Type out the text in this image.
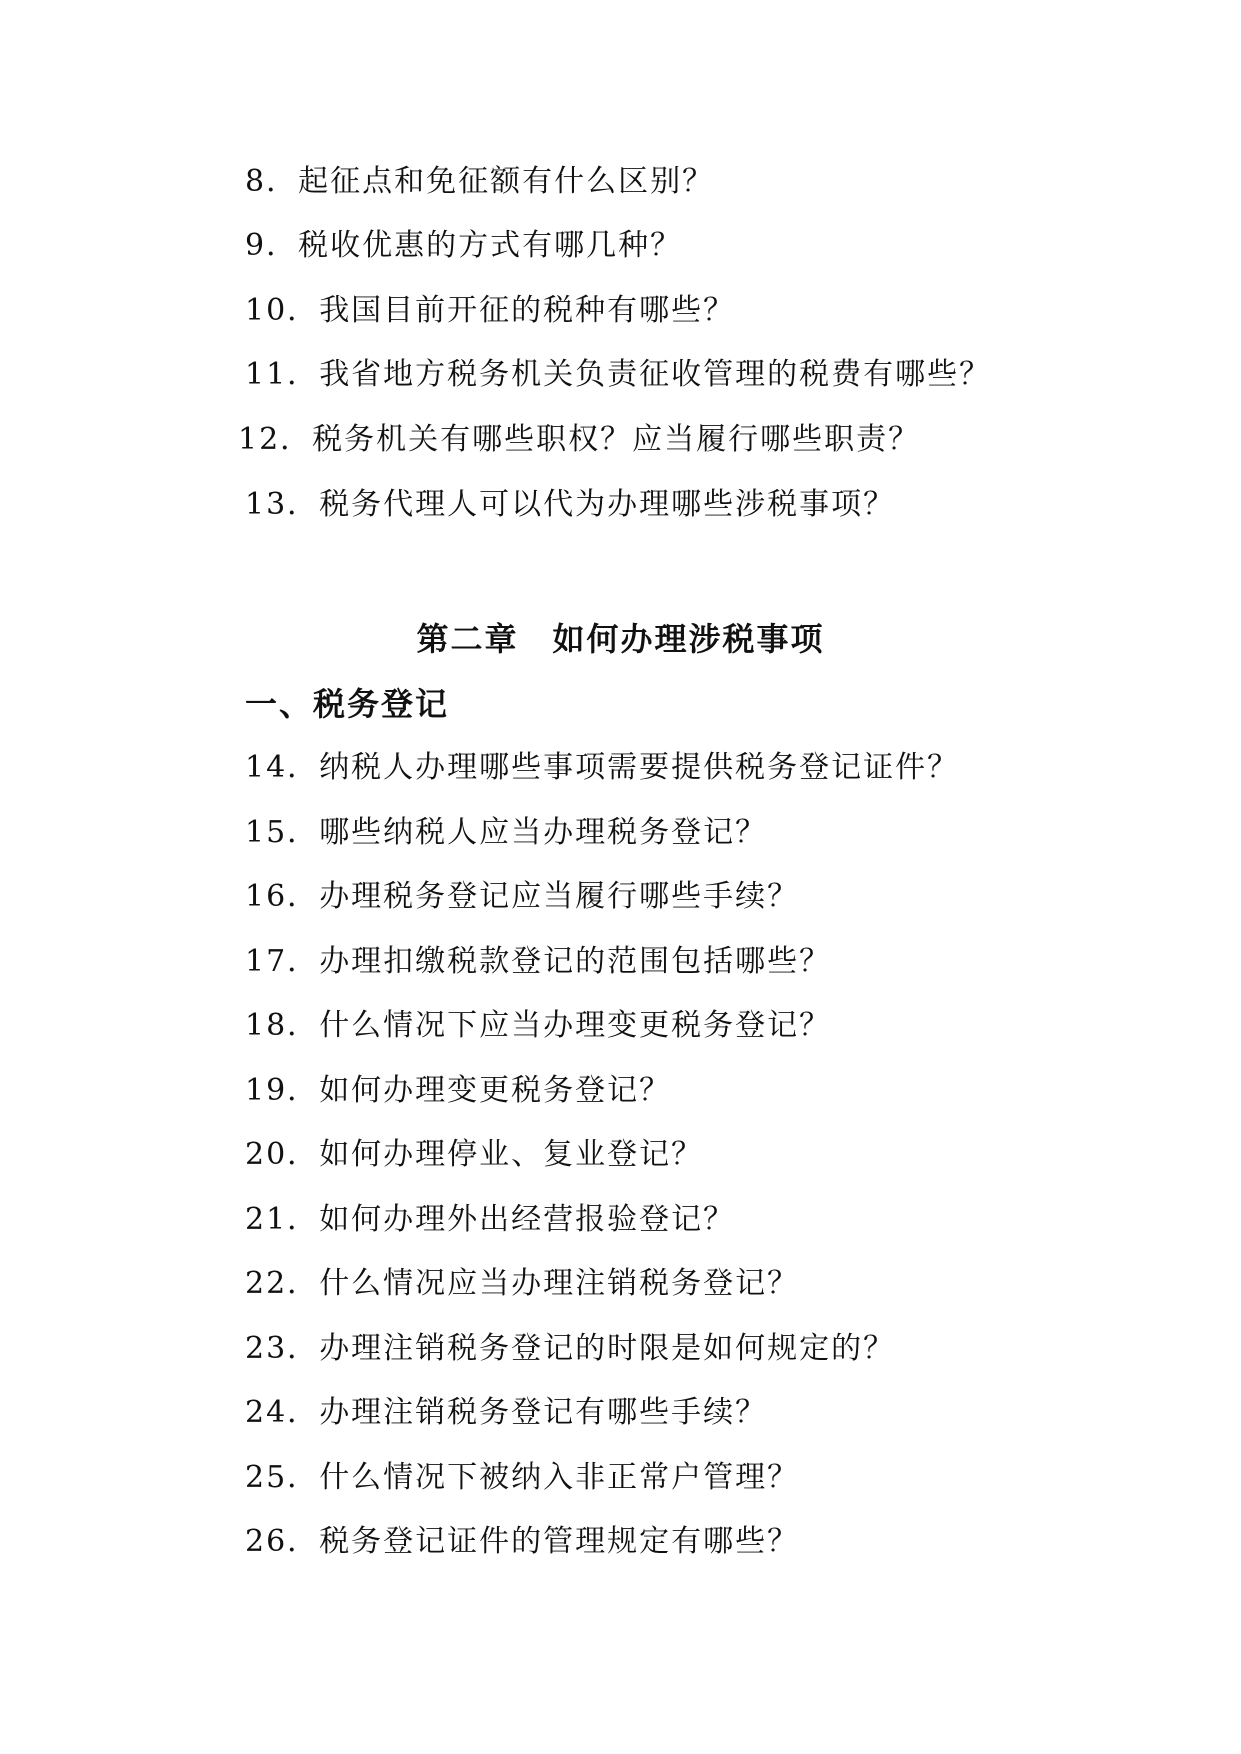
8．起征点和免征额有什么区别？
9．税收优惠的方式有哪几种？
10．我国目前开征的税种有哪些？
11．我省地方税务机关负责征收管理的税费有哪些？
12．税务机关有哪些职权？应当履行哪些职责？
13．税务代理人可以代为办理哪些涉税事项？
第二章　如何办理涉税事项
一、税务登记
14．纳税人办理哪些事项需要提供税务登记证件？
15．哪些纳税人应当办理税务登记？
16．办理税务登记应当履行哪些手续？
17．办理扣缴税款登记的范围包括哪些？
18．什么情况下应当办理变更税务登记？
19．如何办理变更税务登记？
20．如何办理停业、复业登记？
21．如何办理外出经营报验登记？
22．什么情况应当办理注销税务登记？
23．办理注销税务登记的时限是如何规定的？
24．办理注销税务登记有哪些手续？
25．什么情况下被纳入非正常户管理？
26．税务登记证件的管理规定有哪些？
